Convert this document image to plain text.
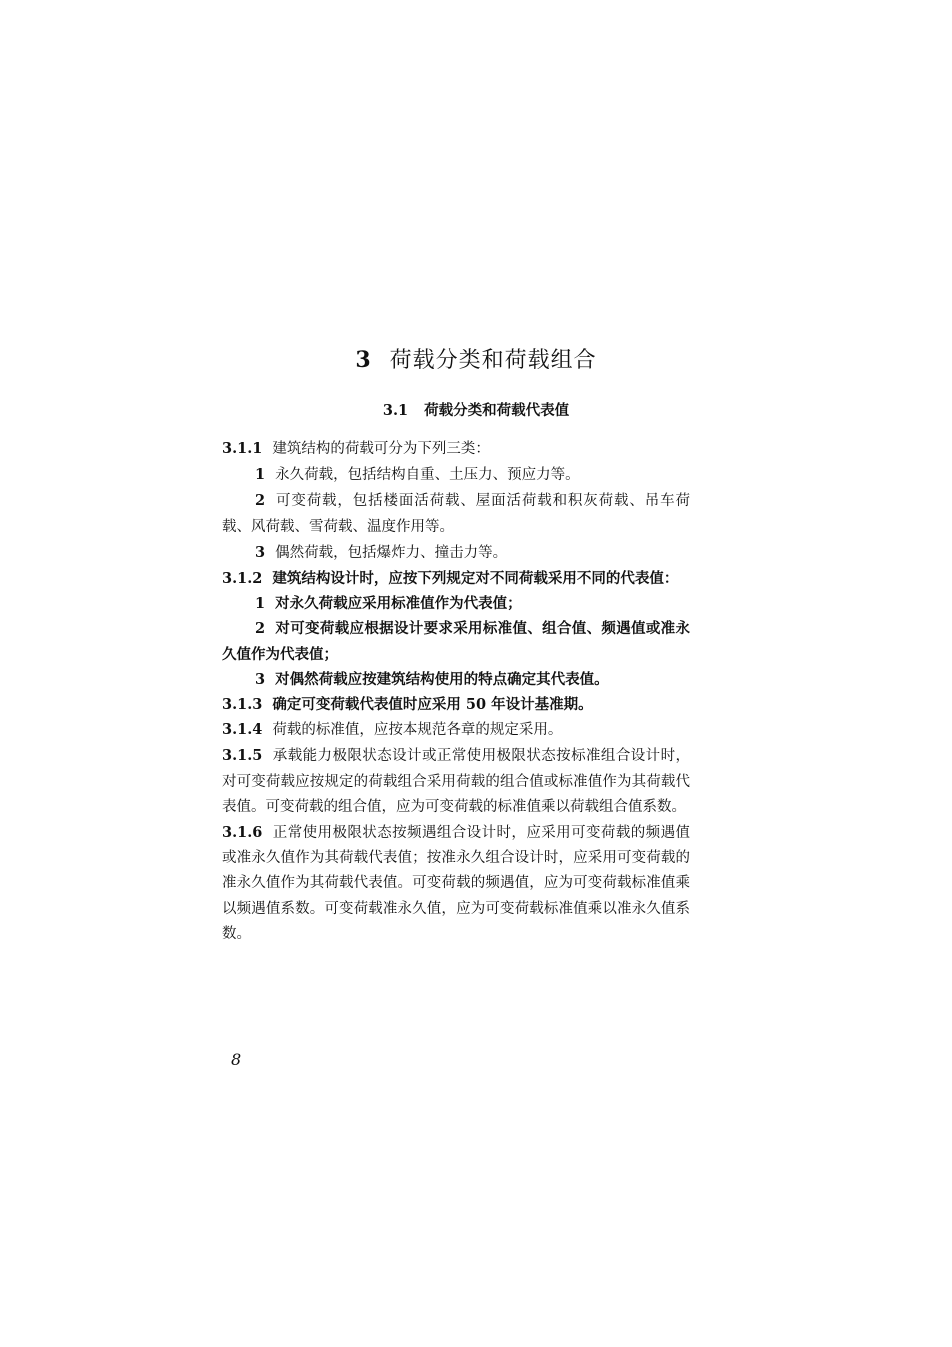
3 荷载分类和荷载组合
3.1 荷载分类和荷载代表值

3.1.1 建筑结构的荷载可分为下列三类：

1 永久荷载，包括结构自重、土压力、预应力等。

2 可变荷载，包括楼面活荷载、屋面活荷载和积灰荷载、吊车荷载、风荷载、雪荷载、温度作用等。

3 偶然荷载，包括爆炸力、撞击力等。

3.1.2 建筑结构设计时，应按下列规定对不同荷载采用不同的代表值：

1 对永久荷载应采用标准值作为代表值；

2 对可变荷载应根据设计要求采用标准值、组合值、频遇值或准永久值作为代表值；

3 对偶然荷载应按建筑结构使用的特点确定其代表值。

3.1.3 确定可变荷载代表值时应采用 50 年设计基准期。

3.1.4 荷载的标准值，应按本规范各章的规定采用。

3.1.5 承载能力极限状态设计或正常使用极限状态按标准组合设计时，对可变荷载应按规定的荷载组合采用荷载的组合值或标准值作为其荷载代表值。可变荷载的组合值，应为可变荷载的标准值乘以荷载组合值系数。

3.1.6 正常使用极限状态按频遇组合设计时，应采用可变荷载的频遇值或准永久值作为其荷载代表值；按准永久组合设计时，应采用可变荷载的准永久值作为其荷载代表值。可变荷载的频遇值，应为可变荷载标准值乘以频遇值系数。可变荷载准永久值，应为可变荷载标准值乘以准永久值系数。

8
